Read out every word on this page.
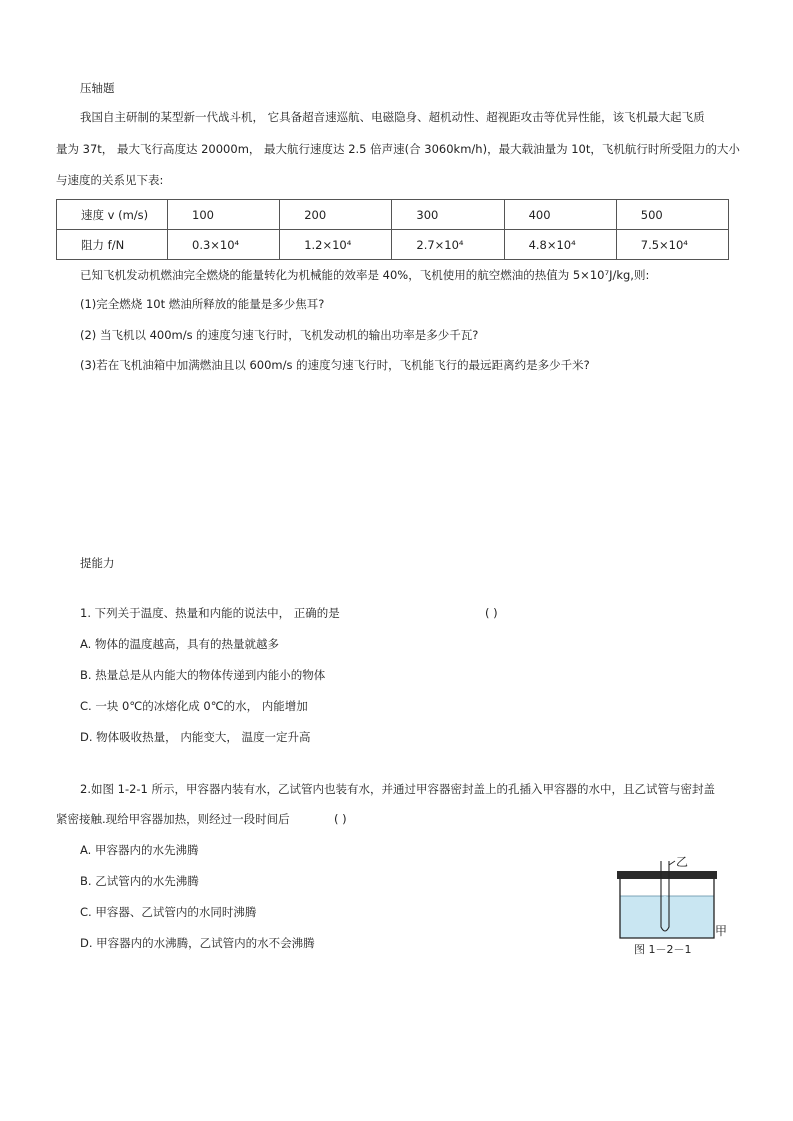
压轴题
我国自主研制的某型新一代战斗机， 它具备超音速巡航、电磁隐身、超机动性、超视距攻击等优异性能，该飞机最大起飞质
量为 37t， 最大飞行高度达 20000m， 最大航行速度达 2.5 倍声速(合 3060km/h)，最大载油量为 10t，飞机航行时所受阻力的大小
与速度的关系见下表:
速度 v (m/s)	100	200	300	400	500
阻力 f/N	0.3×10⁴	1.2×10⁴	2.7×10⁴	4.8×10⁴	7.5×10⁴
已知飞机发动机燃油完全燃烧的能量转化为机械能的效率是 40%，飞机使用的航空燃油的热值为 5×10⁷J/kg,则:
(1)完全燃烧 10t 燃油所释放的能量是多少焦耳?
(2) 当飞机以 400m/s 的速度匀速飞行时，飞机发动机的输出功率是多少千瓦?
(3)若在飞机油箱中加满燃油且以 600m/s 的速度匀速飞行时，飞机能飞行的最远距离约是多少千米?
提能力
1. 下列关于温度、热量和内能的说法中， 正确的是	( )
A. 物体的温度越高，具有的热量就越多
B. 热量总是从内能大的物体传递到内能小的物体
C. 一块 0℃的冰熔化成 0℃的水， 内能增加
D. 物体吸收热量， 内能变大， 温度一定升高
2.如图 1-2-1 所示，甲容器内装有水，乙试管内也装有水，并通过甲容器密封盖上的孔插入甲容器的水中，且乙试管与密封盖
紧密接触.现给甲容器加热，则经过一段时间后	( )
A. 甲容器内的水先沸腾
B. 乙试管内的水先沸腾
C. 甲容器、乙试管内的水同时沸腾
D. 甲容器内的水沸腾，乙试管内的水不会沸腾
乙
甲
图 1－2－1
